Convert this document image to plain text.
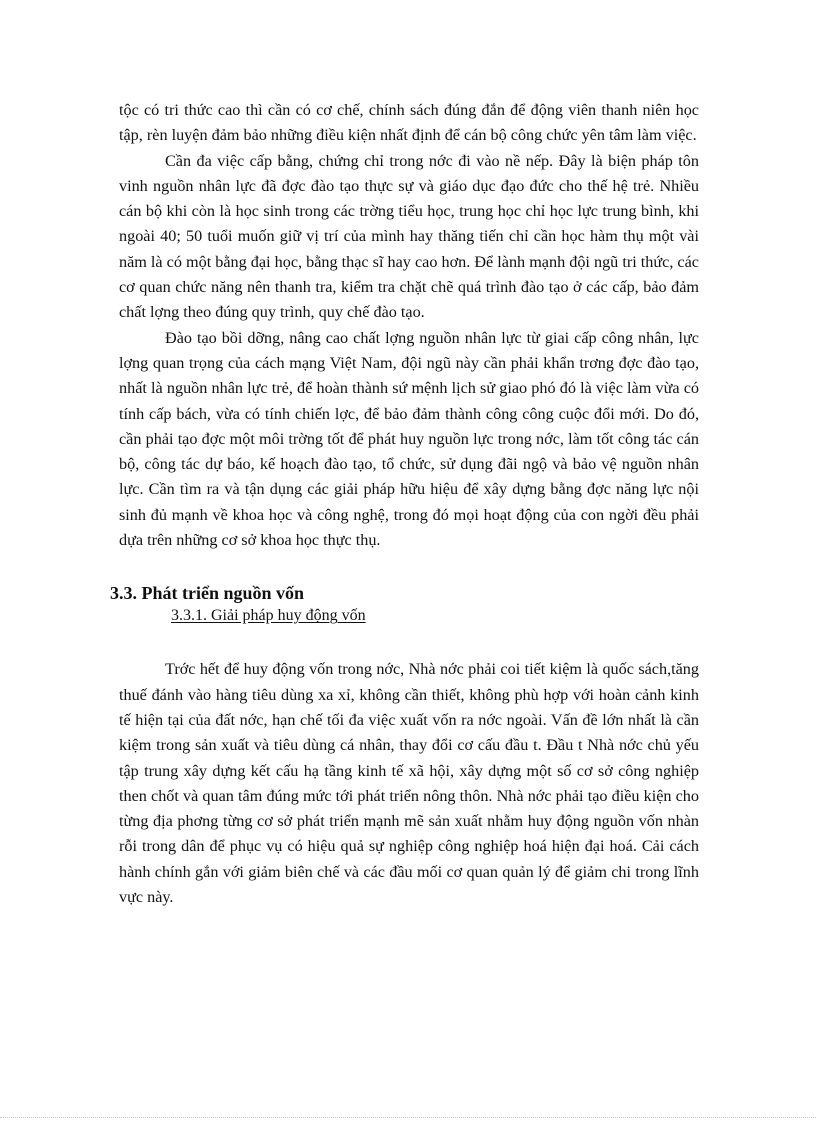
tộc có tri thức cao thì cần có cơ chế, chính sách đúng đắn để động viên thanh niên học tập, rèn luyện đảm bảo những điều kiện nhất định để cán bộ công chức yên tâm làm việc.

Cần đa việc cấp bằng, chứng chỉ trong nớc đi vào nề nếp. Đây là biện pháp tôn vinh nguồn nhân lực đã đợc đào tạo thực sự và giáo dục đạo đức cho thế hệ trẻ. Nhiều cán bộ khi còn là học sinh trong các trờng tiểu học, trung học chỉ học lực trung bình, khi ngoài 40; 50 tuổi muốn giữ vị trí của mình hay thăng tiến chỉ cần học hàm thụ một vài năm là có một bằng đại học, bằng thạc sĩ hay cao hơn. Để lành mạnh đội ngũ tri thức, các cơ quan chức năng nên thanh tra, kiểm tra chặt chẽ quá trình đào tạo ở các cấp, bảo đảm chất lợng theo đúng quy trình, quy chế đào tạo.

Đào tạo bồi dỡng, nâng cao chất lợng nguồn nhân lực từ giai cấp công nhân, lực lợng quan trọng của cách mạng Việt Nam, đội ngũ này cần phải khẩn trơng đợc đào tạo, nhất là nguồn nhân lực trẻ, để hoàn thành sứ mệnh lịch sử giao phó đó là việc làm vừa có tính cấp bách, vừa có tính chiến lợc, để bảo đảm thành công công cuộc đổi mới. Do đó, cần phải tạo đợc một môi trờng tốt để phát huy nguồn lực trong nớc, làm tốt công tác cán bộ, công tác dự báo, kế hoạch đào tạo, tổ chức, sử dụng đãi ngộ và bảo vệ nguồn nhân lực. Cần tìm ra và tận dụng các giải pháp hữu hiệu để xây dựng bằng đợc năng lực nội sinh đủ mạnh về khoa học và công nghệ, trong đó mọi hoạt động của con ngời đều phải dựa trên những cơ sở khoa học thực thụ.

3.3. Phát triển nguồn vốn
3.3.1. Giải pháp huy động vốn

Trớc hết để huy động vốn trong nớc, Nhà nớc phải coi tiết kiệm là quốc sách,tăng thuế đánh vào hàng tiêu dùng xa xỉ, không cần thiết, không phù hợp với hoàn cảnh kinh tế hiện tại của đất nớc, hạn chế tối đa việc xuất vốn ra nớc ngoài. Vấn đề lớn nhất là cần kiệm trong sản xuất và tiêu dùng cá nhân, thay đổi cơ cấu đầu t. Đầu t Nhà nớc chủ yếu tập trung xây dựng kết cấu hạ tầng kinh tế xã hội, xây dựng một số cơ sở công nghiệp then chốt và quan tâm đúng mức tới phát triển nông thôn. Nhà nớc phải tạo điều kiện cho từng địa phơng từng cơ sở phát triển mạnh mẽ sản xuất nhằm huy động nguồn vốn nhàn rỗi trong dân để phục vụ có hiệu quả sự nghiệp công nghiệp hoá hiện đại hoá. Cải cách hành chính gắn với giảm biên chế và các đầu mối cơ quan quản lý để giảm chi trong lĩnh vực này.
